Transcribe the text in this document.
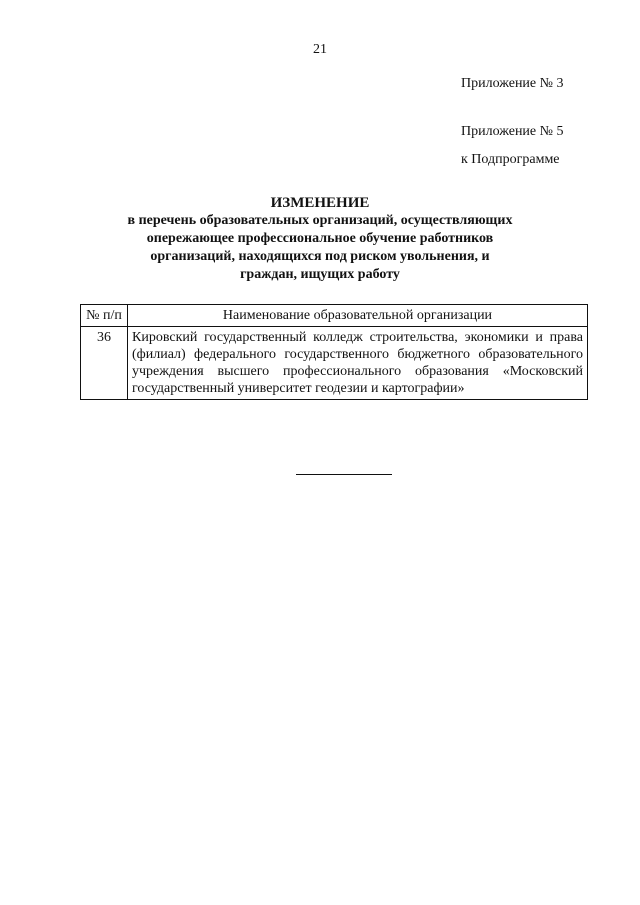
21
Приложение № 3
Приложение № 5
к Подпрограмме
ИЗМЕНЕНИЕ
в перечень образовательных организаций, осуществляющих
опережающее профессиональное обучение работников
организаций, находящихся под риском увольнения, и
граждан, ищущих работу
№ п/п	Наименование образовательной организации
36	Кировский государственный колледж строительства, экономики и права (филиал) федерального государственного бюджетного образовательного учреждения высшего профессионального образования «Московский государственный университет геодезии и картографии»
